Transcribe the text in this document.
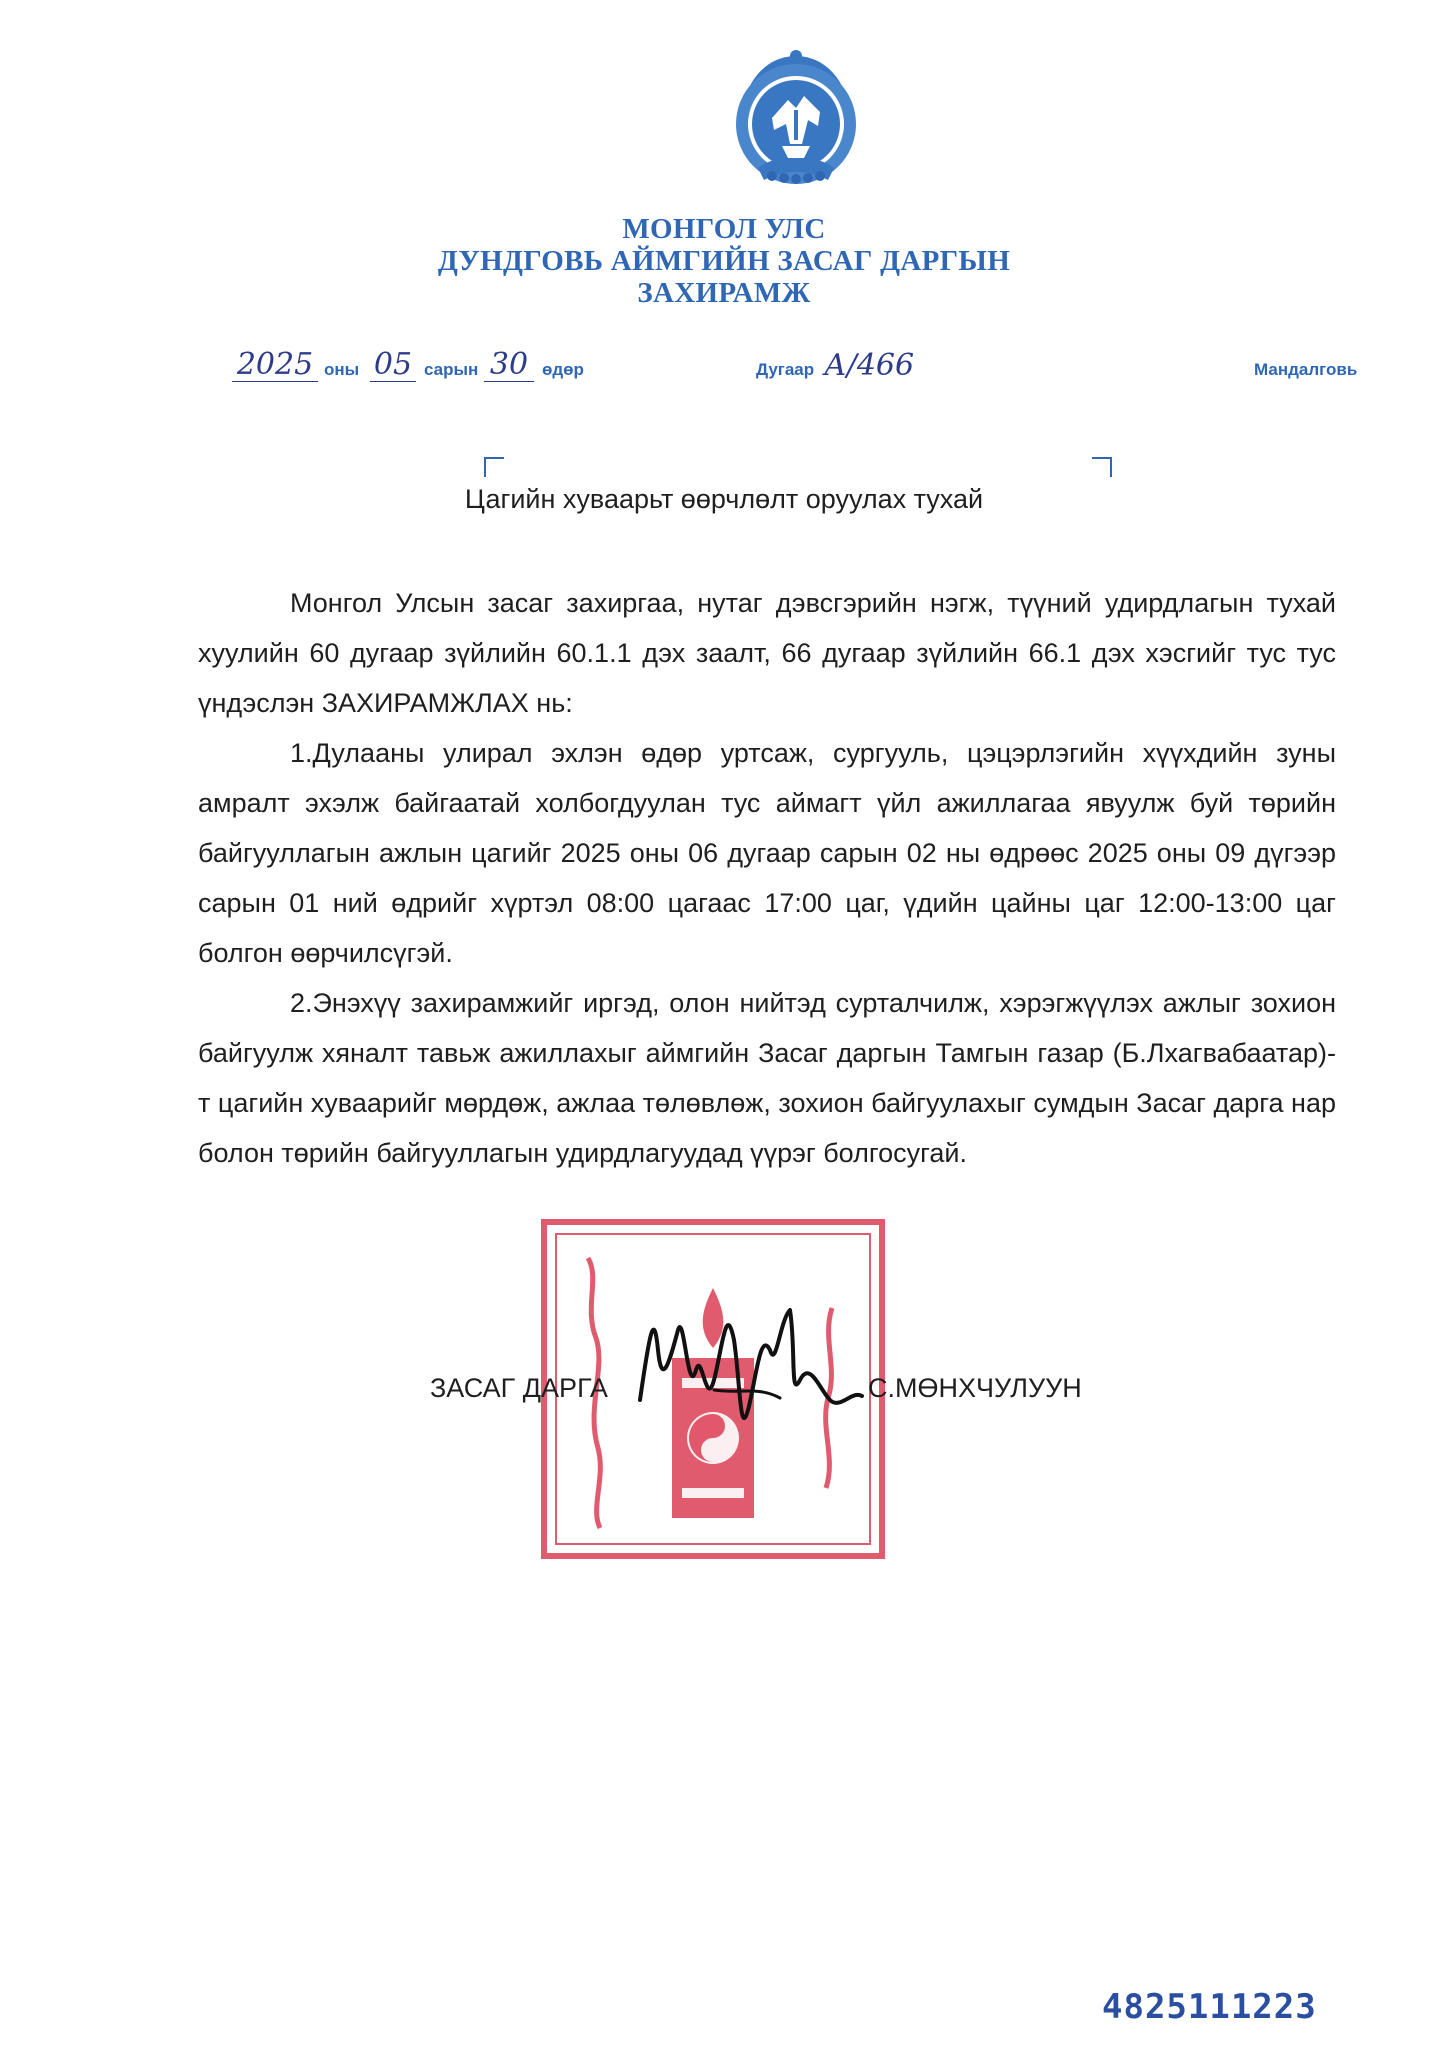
МОНГОЛ УЛС
ДУНДГОВЬ АЙМГИЙН ЗАСАГ ДАРГЫН
ЗАХИРАМЖ
2025 оны 05 сарын 30 өдөр	Дугаар А/466	Мандалговь
Цагийн хуваарьт өөрчлөлт оруулах тухай

Монгол Улсын засаг захиргаа, нутаг дэвсгэрийн нэгж, түүний удирдлагын тухай хуулийн 60 дугаар зүйлийн 60.1.1 дэх заалт, 66 дугаар зүйлийн 66.1 дэх хэсгийг тус тус үндэслэн ЗАХИРАМЖЛАХ нь:

1.Дулааны улирал эхлэн өдөр уртсаж, сургууль, цэцэрлэгийн хүүхдийн зуны амралт эхэлж байгаатай холбогдуулан тус аймагт үйл ажиллагаа явуулж буй төрийн байгууллагын ажлын цагийг 2025 оны 06 дугаар сарын 02 ны өдрөөс 2025 оны 09 дүгээр сарын 01 ний өдрийг хүртэл 08:00 цагаас 17:00 цаг, үдийн цайны цаг 12:00-13:00 цаг болгон өөрчилсүгэй.

2.Энэхүү захирамжийг иргэд, олон нийтэд сурталчилж, хэрэгжүүлэх ажлыг зохион байгуулж хяналт тавьж ажиллахыг аймгийн Засаг даргын Тамгын газар (Б.Лхагвабаатар)-т цагийн хуваарийг мөрдөж, ажлаа төлөвлөж, зохион байгуулахыг сумдын Засаг дарга нар болон төрийн байгууллагын удирдлагуудад үүрэг болгосугай.

ЗАСАГ ДАРГА	С.МӨНХЧУЛУУН
4825111223
